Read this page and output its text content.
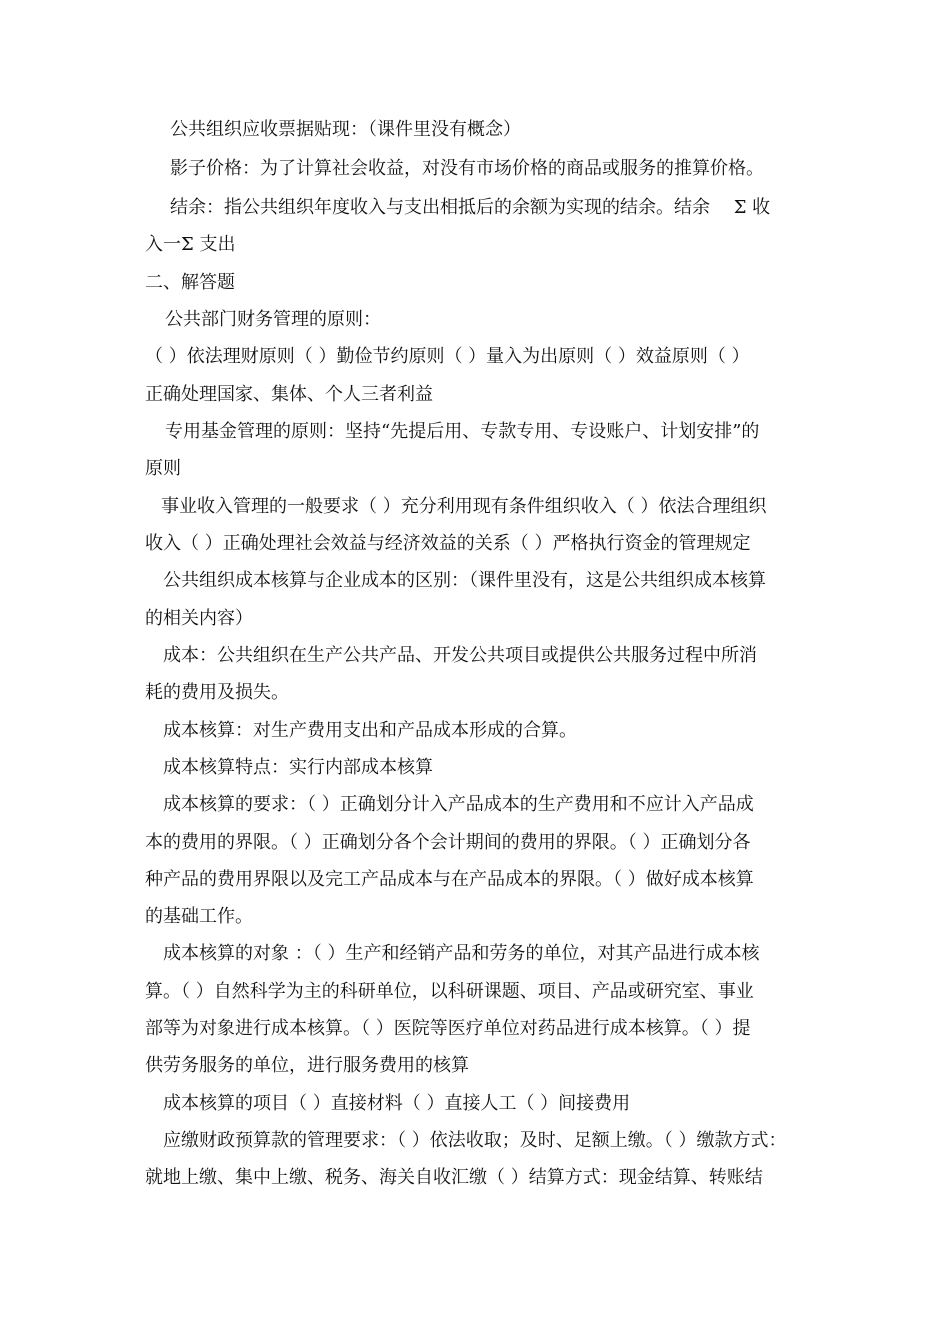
公共组织应收票据贴现：（课件里没有概念）
影子价格：为了计算社会收益，对没有市场价格的商品或服务的推算价格。
结余：指公共组织年度收入与支出相抵后的余额为实现的结余。结余　 Σ 收
入一Σ 支出
二、解答题
公共部门财务管理的原则：
（ ）依法理财原则（ ）勤俭节约原则（ ）量入为出原则（ ）效益原则（ ）
正确处理国家、集体、个人三者利益
专用基金管理的原则：坚持“先提后用、专款专用、专设账户、计划安排”的
原则
事业收入管理的一般要求（ ）充分利用现有条件组织收入（ ）依法合理组织
收入（ ）正确处理社会效益与经济效益的关系（ ）严格执行资金的管理规定
公共组织成本核算与企业成本的区别：（课件里没有，这是公共组织成本核算
的相关内容）
成本：公共组织在生产公共产品、开发公共项目或提供公共服务过程中所消
耗的费用及损失。
成本核算：对生产费用支出和产品成本形成的合算。
成本核算特点：实行内部成本核算
成本核算的要求：（ ）正确划分计入产品成本的生产费用和不应计入产品成
本的费用的界限。（ ）正确划分各个会计期间的费用的界限。（ ）正确划分各
种产品的费用界限以及完工产品成本与在产品成本的界限。（ ）做好成本核算
的基础工作。
成本核算的对象 ：（ ）生产和经销产品和劳务的单位，对其产品进行成本核
算。（ ）自然科学为主的科研单位，以科研课题、项目、产品或研究室、事业
部等为对象进行成本核算。（ ）医院等医疗单位对药品进行成本核算。（ ）提
供劳务服务的单位，进行服务费用的核算
成本核算的项目（ ）直接材料（ ）直接人工（ ）间接费用
应缴财政预算款的管理要求：（ ）依法收取；及时、足额上缴。（ ）缴款方式：
就地上缴、集中上缴、税务、海关自收汇缴（ ）结算方式：现金结算、转账结
